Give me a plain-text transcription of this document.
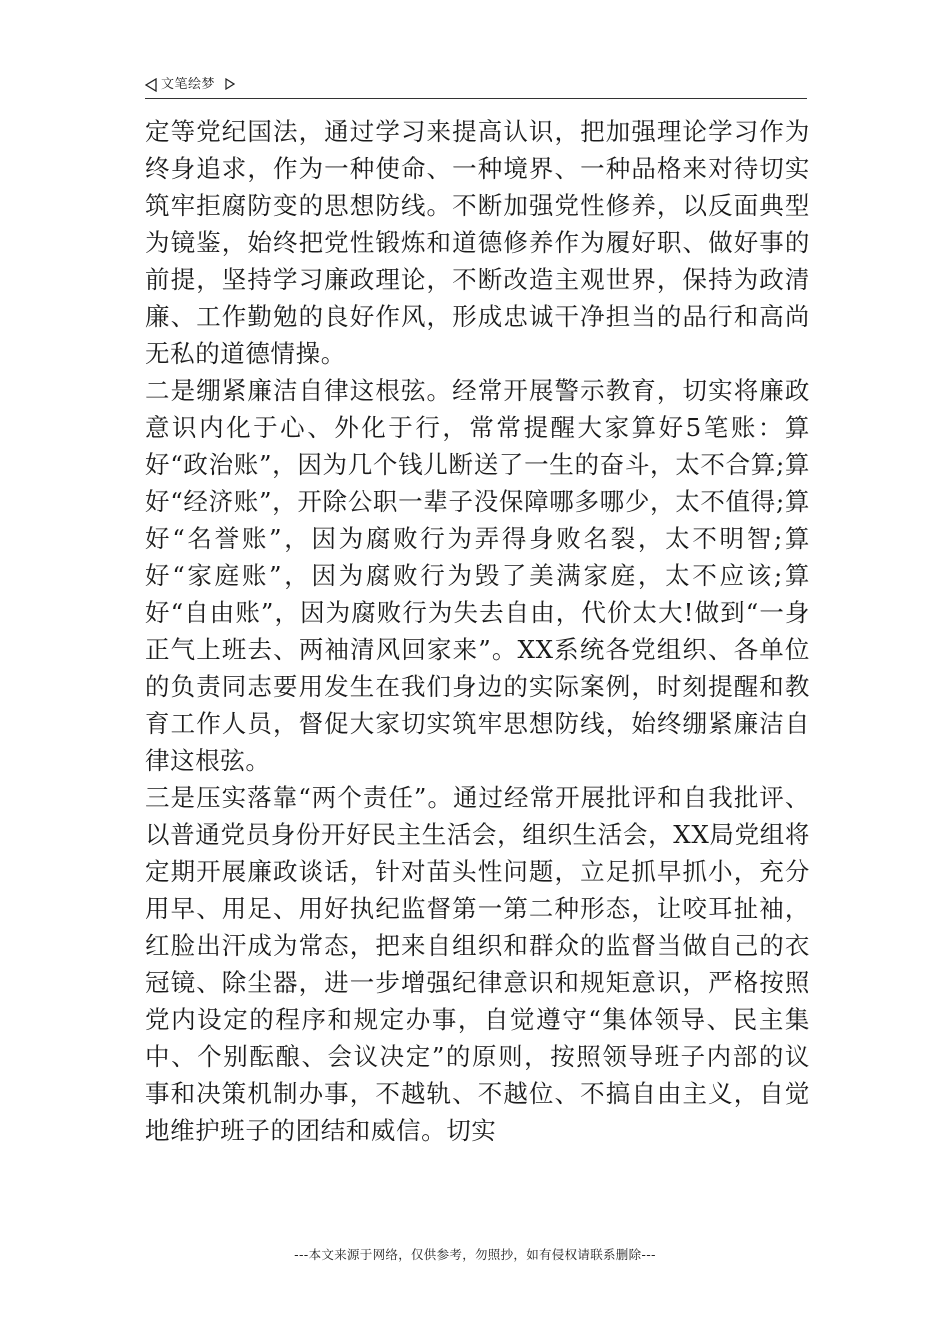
文笔绘梦

定等党纪国法，通过学习来提高认识，把加强理论学习作为终身追求，作为一种使命、一种境界、一种品格来对待切实筑牢拒腐防变的思想防线。不断加强党性修养，以反面典型为镜鉴，始终把党性锻炼和道德修养作为履好职、做好事的前提，坚持学习廉政理论，不断改造主观世界，保持为政清廉、工作勤勉的良好作风，形成忠诚干净担当的品行和高尚无私的道德情操。

二是绷紧廉洁自律这根弦。经常开展警示教育，切实将廉政意识内化于心、外化于行，常常提醒大家算好5笔账：算好“政治账”，因为几个钱儿断送了一生的奋斗，太不合算;算好“经济账”，开除公职一辈子没保障哪多哪少，太不值得;算好“名誉账”，因为腐败行为弄得身败名裂，太不明智;算好“家庭账”，因为腐败行为毁了美满家庭，太不应该;算好“自由账”，因为腐败行为失去自由，代价太大!做到“一身正气上班去、两袖清风回家来”。XX系统各党组织、各单位的负责同志要用发生在我们身边的实际案例，时刻提醒和教育工作人员，督促大家切实筑牢思想防线，始终绷紧廉洁自律这根弦。

三是压实落靠“两个责任”。通过经常开展批评和自我批评、以普通党员身份开好民主生活会，组织生活会，XX局党组将定期开展廉政谈话，针对苗头性问题，立足抓早抓小，充分用早、用足、用好执纪监督第一第二种形态，让咬耳扯袖，红脸出汗成为常态，把来自组织和群众的监督当做自己的衣冠镜、除尘器，进一步增强纪律意识和规矩意识，严格按照党内设定的程序和规定办事，自觉遵守“集体领导、民主集中、个别酝酿、会议决定”的原则，按照领导班子内部的议事和决策机制办事，不越轨、不越位、不搞自由主义，自觉地维护班子的团结和威信。切实

---本文来源于网络，仅供参考，勿照抄，如有侵权请联系删除---
